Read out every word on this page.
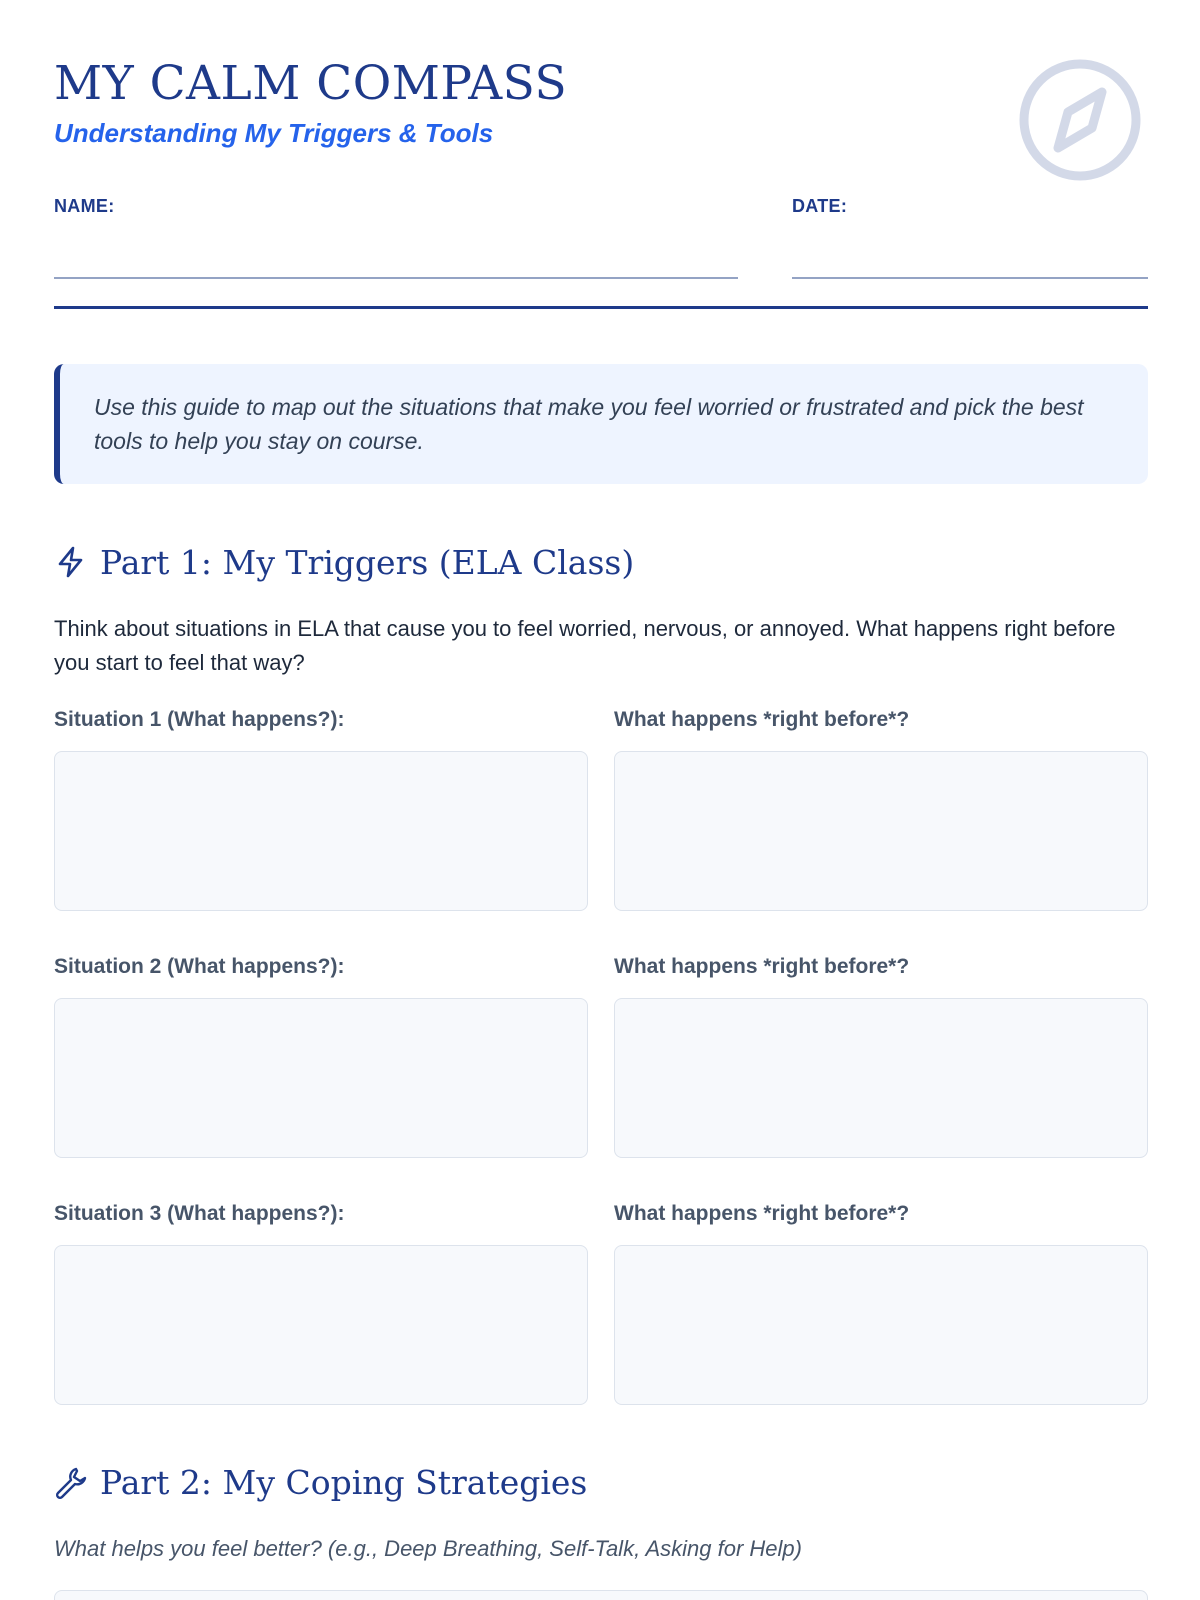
MY CALM COMPASS
Understanding My Triggers & Tools
NAME:	DATE:

Use this guide to map out the situations that make you feel worried or frustrated and pick the best tools to help you stay on course.

Part 1: My Triggers (ELA Class)

Think about situations in ELA that cause you to feel worried, nervous, or annoyed. What happens right before you start to feel that way?

Situation 1 (What happens?):	What happens *right before*?
Situation 2 (What happens?):	What happens *right before*?
Situation 3 (What happens?):	What happens *right before*?
Part 2: My Coping Strategies

What helps you feel better? (e.g., Deep Breathing, Self-Talk, Asking for Help)
